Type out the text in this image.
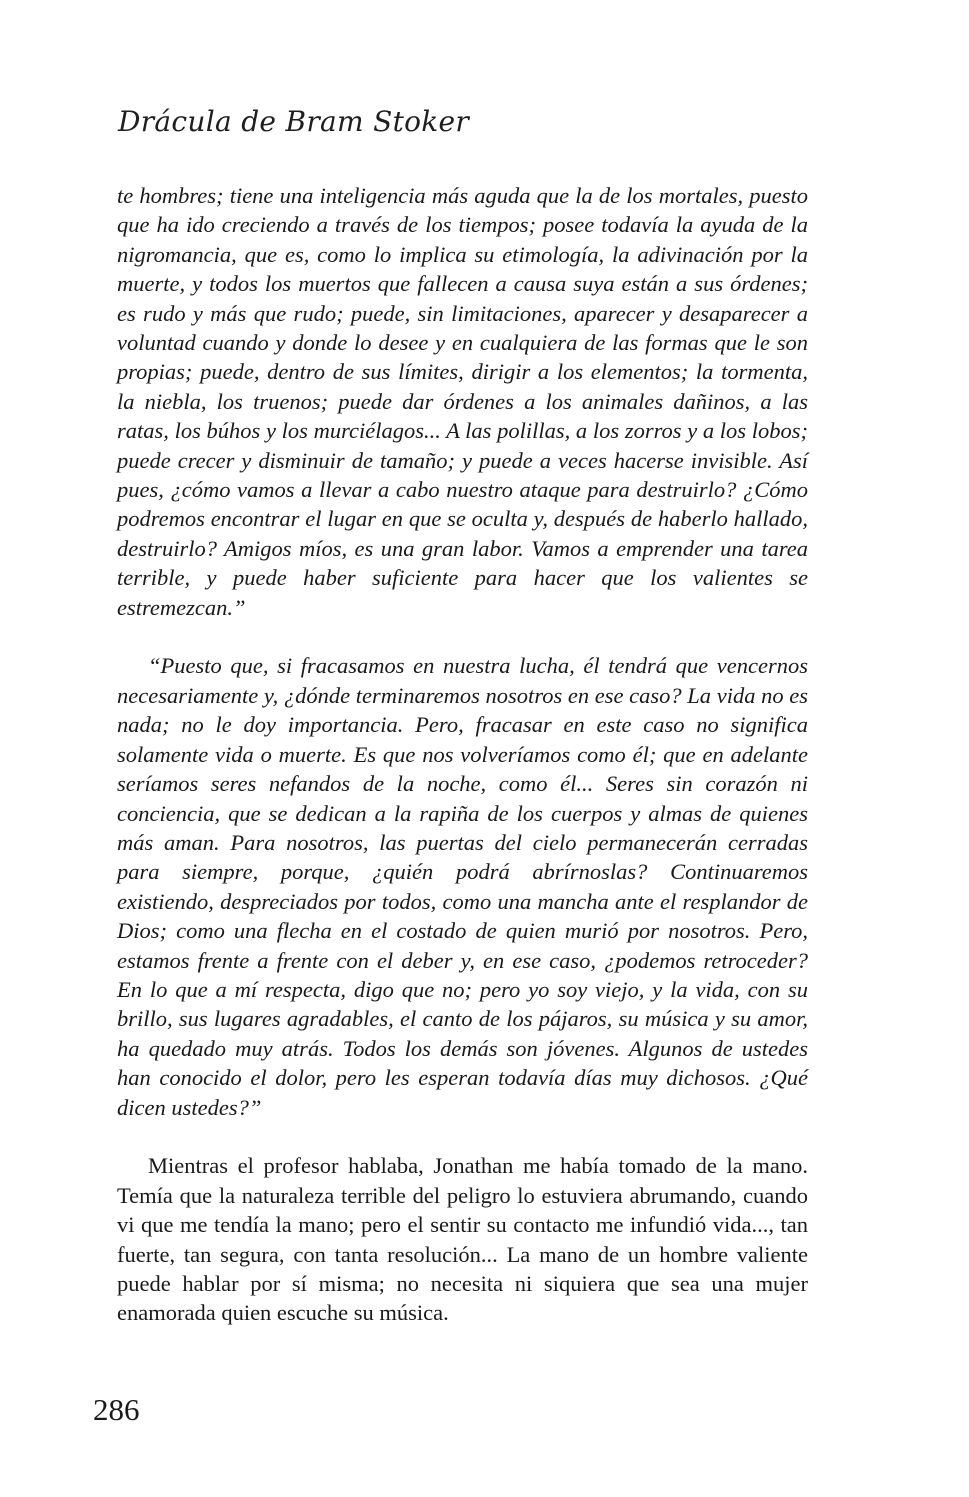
Drácula de Bram Stoker

te hombres; tiene una inteligencia más aguda que la de los mortales, puesto que ha ido creciendo a través de los tiempos; posee todavía la ayuda de la nigromancia, que es, como lo implica su etimología, la adivinación por la muerte, y todos los muertos que fallecen a causa suya están a sus órdenes; es rudo y más que rudo; puede, sin limitaciones, aparecer y desaparecer a voluntad cuando y donde lo desee y en cualquiera de las formas que le son propias; puede, dentro de sus límites, dirigir a los elementos; la tormenta, la niebla, los truenos; puede dar órdenes a los animales dañinos, a las ratas, los búhos y los murciélagos... A las polillas, a los zorros y a los lobos; puede crecer y disminuir de tamaño; y puede a veces hacerse invisible. Así pues, ¿cómo vamos a llevar a cabo nuestro ataque para destruirlo? ¿Cómo podremos encontrar el lugar en que se oculta y, después de haberlo hallado, destruirlo? Amigos míos, es una gran labor. Vamos a emprender una tarea terrible, y puede haber suficiente para hacer que los valientes se estremezcan.”

“Puesto que, si fracasamos en nuestra lucha, él tendrá que vencernos necesariamente y, ¿dónde terminaremos nosotros en ese caso? La vida no es nada; no le doy importancia. Pero, fracasar en este caso no significa solamente vida o muerte. Es que nos volveríamos como él; que en adelante seríamos seres nefandos de la noche, como él... Seres sin corazón ni conciencia, que se dedican a la rapiña de los cuerpos y almas de quienes más aman. Para nosotros, las puertas del cielo permanecerán cerradas para siempre, porque, ¿quién podrá abrírnoslas? Continuaremos existiendo, despreciados por todos, como una mancha ante el resplandor de Dios; como una flecha en el costado de quien murió por nosotros. Pero, estamos frente a frente con el deber y, en ese caso, ¿podemos retroceder? En lo que a mí respecta, digo que no; pero yo soy viejo, y la vida, con su brillo, sus lugares agradables, el canto de los pájaros, su música y su amor, ha quedado muy atrás. Todos los demás son jóvenes. Algunos de ustedes han conocido el dolor, pero les esperan todavía días muy dichosos. ¿Qué dicen ustedes?”

Mientras el profesor hablaba, Jonathan me había tomado de la mano. Temía que la naturaleza terrible del peligro lo estuviera abrumando, cuando vi que me tendía la mano; pero el sentir su contacto me infundió vida..., tan fuerte, tan segura, con tanta resolución... La mano de un hombre valiente puede hablar por sí misma; no necesita ni siquiera que sea una mujer enamorada quien escuche su música.

286
